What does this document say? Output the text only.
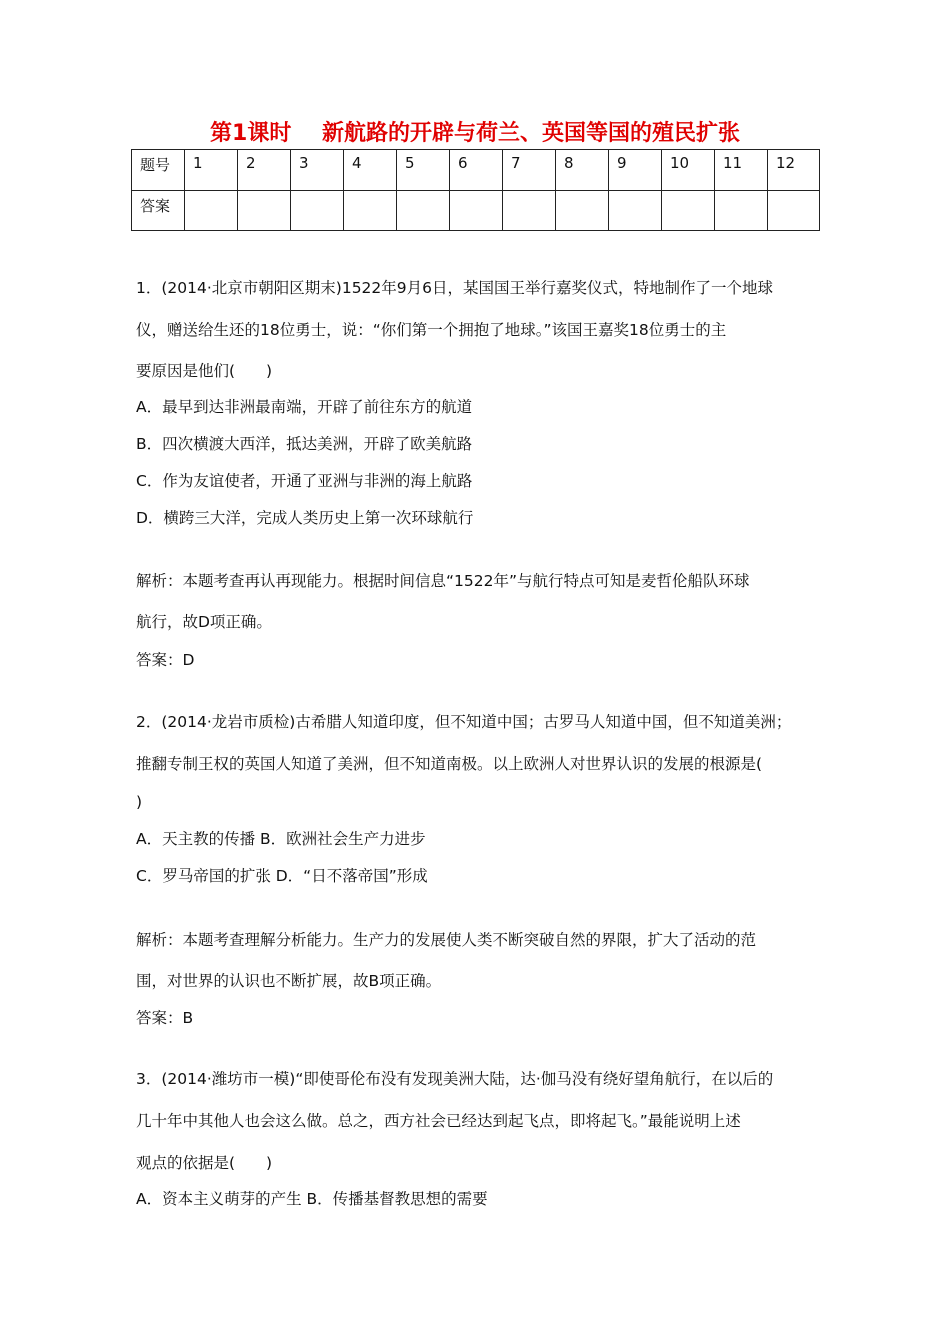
第1课时    新航路的开辟与荷兰、英国等国的殖民扩张
题号	1	2	3	4	5	6	7	8	9	10	11	12
答案												
1．(2014·北京市朝阳区期末)1522年9月6日，某国国王举行嘉奖仪式，特地制作了一个地球
仪，赠送给生还的18位勇士，说：“你们第一个拥抱了地球。”该国王嘉奖18位勇士的主
要原因是他们(　　)
A．最早到达非洲最南端，开辟了前往东方的航道
B．四次横渡大西洋，抵达美洲，开辟了欧美航路
C．作为友谊使者，开通了亚洲与非洲的海上航路
D．横跨三大洋，完成人类历史上第一次环球航行
解析：本题考查再认再现能力。根据时间信息“1522年”与航行特点可知是麦哲伦船队环球
航行，故D项正确。
答案：D
2．(2014·龙岩市质检)古希腊人知道印度，但不知道中国；古罗马人知道中国，但不知道美洲；
推翻专制王权的英国人知道了美洲，但不知道南极。以上欧洲人对世界认识的发展的根源是(
)
A．天主教的传播 B．欧洲社会生产力进步
C．罗马帝国的扩张 D．“日不落帝国”形成
解析：本题考查理解分析能力。生产力的发展使人类不断突破自然的界限，扩大了活动的范
围，对世界的认识也不断扩展，故B项正确。
答案：B
3．(2014·潍坊市一模)“即使哥伦布没有发现美洲大陆，达·伽马没有绕好望角航行，在以后的
几十年中其他人也会这么做。总之，西方社会已经达到起飞点，即将起飞。”最能说明上述
观点的依据是(　　)
A．资本主义萌芽的产生 B．传播基督教思想的需要
